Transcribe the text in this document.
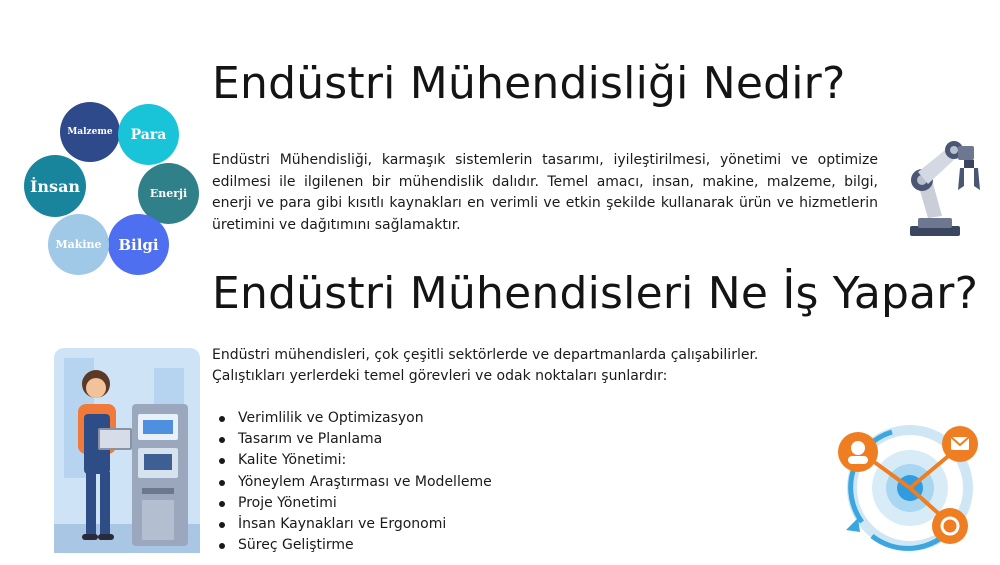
Endüstri Mühendisliği Nedir?
Malzeme Para
Enerji
Bilgi
Makine
İnsan
Endüstri Mühendisliği, karmaşık sistemlerin tasarımı, iyileştirilmesi, yönetimi ve optimize edilmesi ile ilgilenen bir mühendislik dalıdır. Temel amacı, insan, makine, malzeme, bilgi, enerji ve para gibi kısıtlı kaynakları en verimli ve etkin şekilde kullanarak ürün ve hizmetlerin üretimini ve dağıtımını sağlamaktır.
Endüstri Mühendisleri Ne İş Yapar?
Endüstri mühendisleri, çok çeşitli sektörlerde ve departmanlarda çalışabilirler.
Çalıştıkları yerlerdeki temel görevleri ve odak noktaları şunlardır:
Verimlilik ve Optimizasyon
Tasarım ve Planlama
Kalite Yönetimi:
Yöneylem Araştırması ve Modelleme
Proje Yönetimi
İnsan Kaynakları ve Ergonomi
Süreç Geliştirme
